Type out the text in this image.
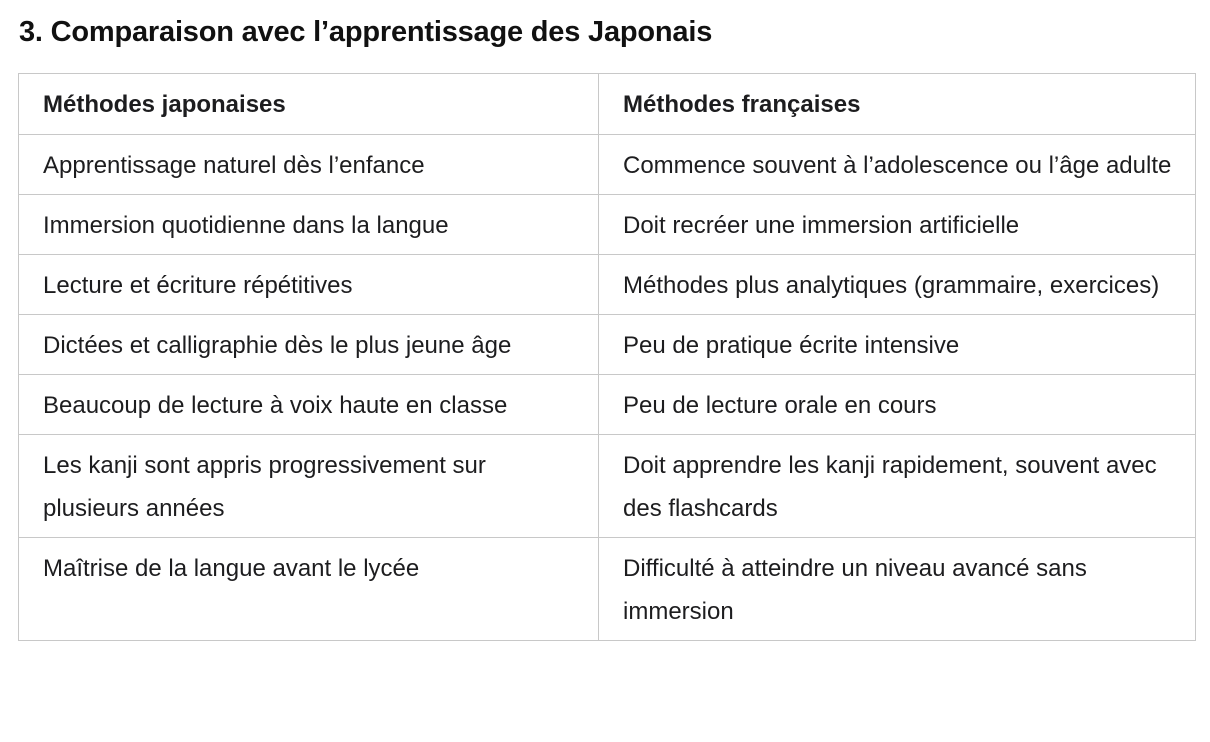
3. Comparaison avec l’apprentissage des Japonais
Méthodes japonaises	Méthodes françaises
Apprentissage naturel dès l’enfance	Commence souvent à l’adolescence ou l’âge adulte
Immersion quotidienne dans la langue	Doit recréer une immersion artificielle
Lecture et écriture répétitives	Méthodes plus analytiques (grammaire, exercices)
Dictées et calligraphie dès le plus jeune âge	Peu de pratique écrite intensive
Beaucoup de lecture à voix haute en classe	Peu de lecture orale en cours
Les kanji sont appris progressivement sur plusieurs années	Doit apprendre les kanji rapidement, souvent avec des flashcards
Maîtrise de la langue avant le lycée	Difficulté à atteindre un niveau avancé sans immersion
